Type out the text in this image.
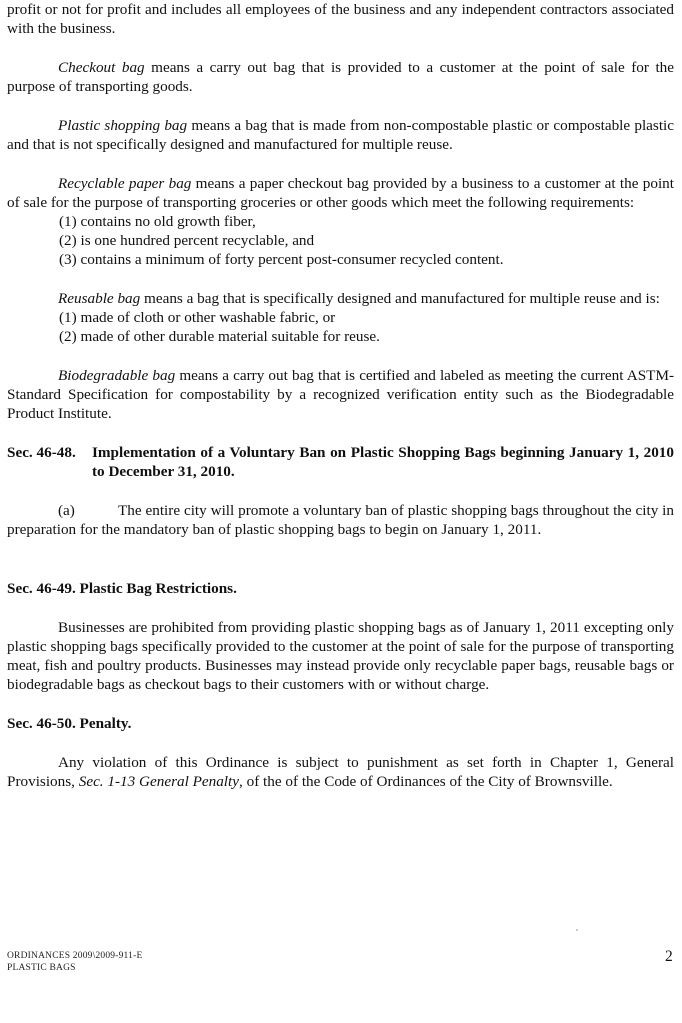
profit or not for profit and includes all employees of the business and any independent contractors associated with the business.

Checkout bag means a carry out bag that is provided to a customer at the point of sale for the purpose of transporting goods.

Plastic shopping bag means a bag that is made from non-compostable plastic or compostable plastic and that is not specifically designed and manufactured for multiple reuse.

Recyclable paper bag means a paper checkout bag provided by a business to a customer at the point of sale for the purpose of transporting groceries or other goods which meet the following requirements:

(1) contains no old growth fiber,
(2) is one hundred percent recyclable, and
(3) contains a minimum of forty percent post-consumer recycled content.

Reusable bag means a bag that is specifically designed and manufactured for multiple reuse and is:

(1) made of cloth or other washable fabric, or
(2) made of other durable material suitable for reuse.

Biodegradable bag means a carry out bag that is certified and labeled as meeting the current ASTM-Standard Specification for compostability by a recognized verification entity such as the Biodegradable Product Institute.

Sec. 46-48.	Implementation of a Voluntary Ban on Plastic Shopping Bags beginning January 1, 2010 to December 31, 2010.

(a)	The entire city will promote a voluntary ban of plastic shopping bags throughout the city in preparation for the mandatory ban of plastic shopping bags to begin on January 1, 2011.

Sec. 46-49. Plastic Bag Restrictions.

Businesses are prohibited from providing plastic shopping bags as of January 1, 2011 excepting only plastic shopping bags specifically provided to the customer at the point of sale for the purpose of transporting meat, fish and poultry products. Businesses may instead provide only recyclable paper bags, reusable bags or biodegradable bags as checkout bags to their customers with or without charge.

Sec. 46-50. Penalty.

Any violation of this Ordinance is subject to punishment as set forth in Chapter 1, General Provisions, Sec. 1-13 General Penalty, of the of the Code of Ordinances of the City of Brownsville.

ORDINANCES 2009\2009-911-E
PLASTIC BAGS
2
